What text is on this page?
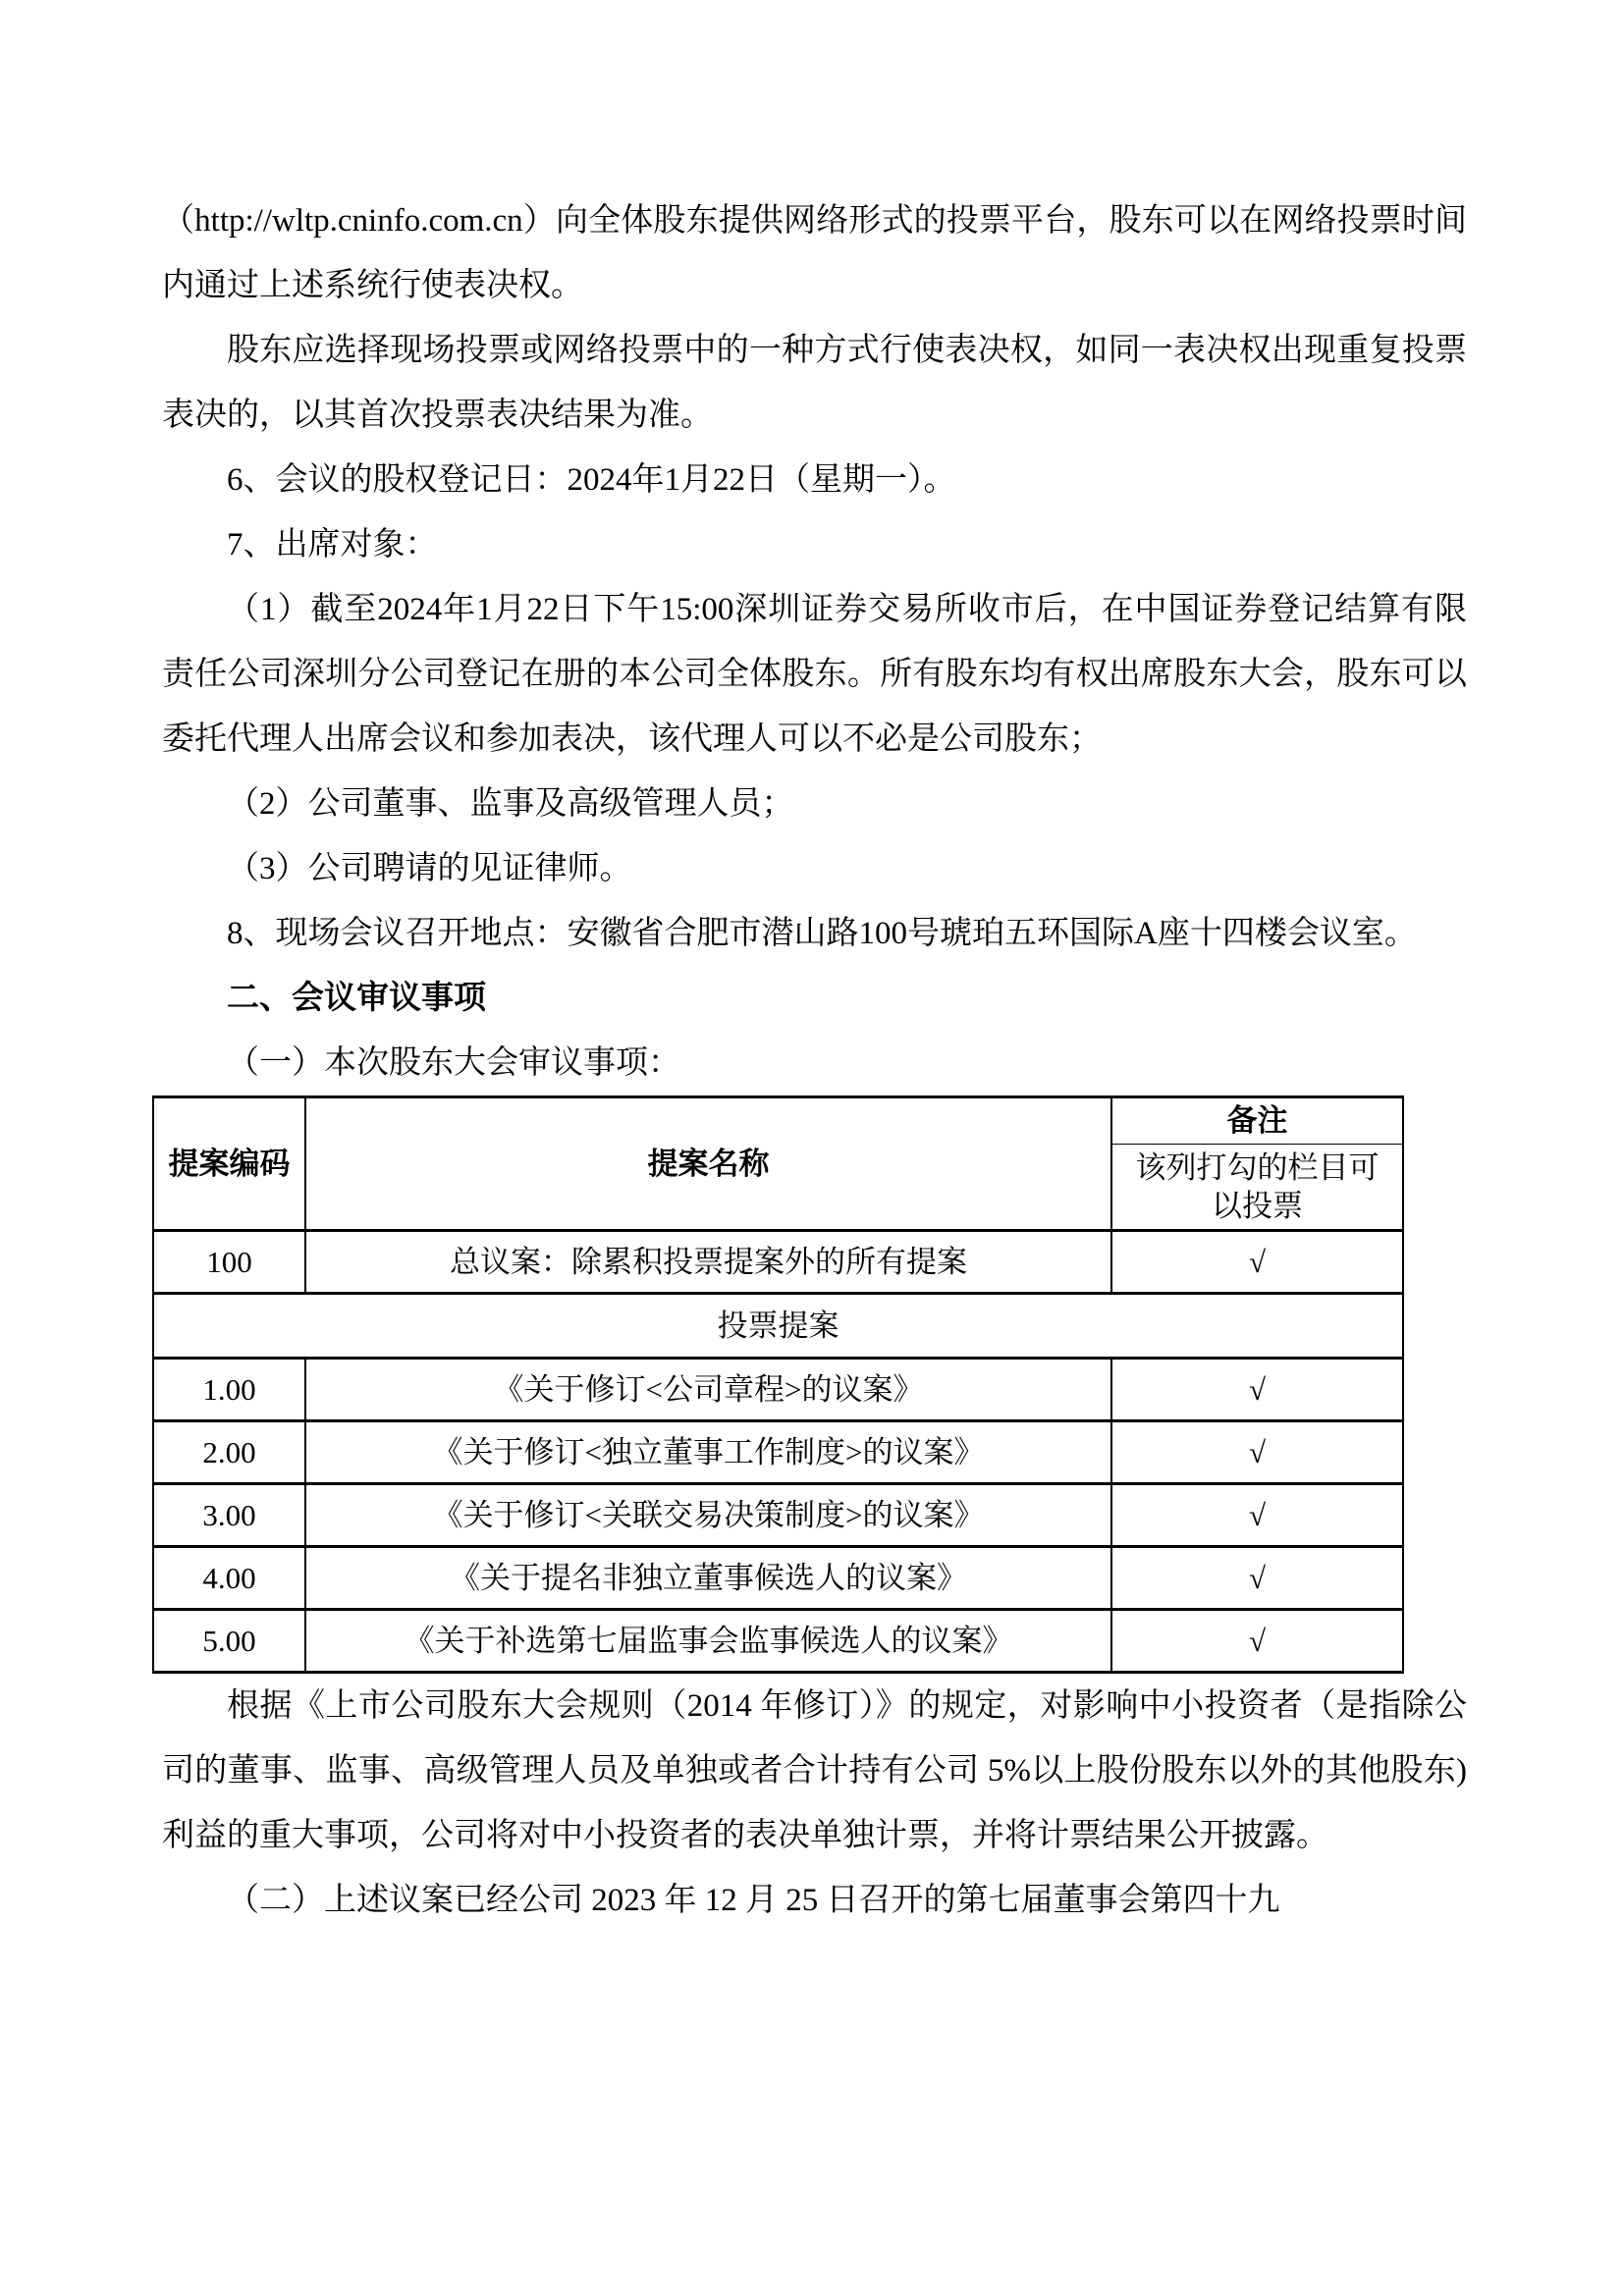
（http://wltp.cninfo.com.cn）向全体股东提供网络形式的投票平台，股东可以在网络投票时间内通过上述系统行使表决权。

股东应选择现场投票或网络投票中的一种方式行使表决权，如同一表决权出现重复投票表决的，以其首次投票表决结果为准。

6、会议的股权登记日：2024年1月22日（星期一）。

7、出席对象：

（1）截至2024年1月22日下午15:00深圳证券交易所收市后，在中国证券登记结算有限责任公司深圳分公司登记在册的本公司全体股东。所有股东均有权出席股东大会，股东可以委托代理人出席会议和参加表决，该代理人可以不必是公司股东；

（2）公司董事、监事及高级管理人员；

（3）公司聘请的见证律师。

8、现场会议召开地点：安徽省合肥市潜山路100号琥珀五环国际A座十四楼会议室。

二、会议审议事项

（一）本次股东大会审议事项：

提案编码	提案名称	备注
		该列打勾的栏目可以投票
100	总议案：除累积投票提案外的所有提案	√
投票提案		
1.00	《关于修订<公司章程>的议案》	√
2.00	《关于修订<独立董事工作制度>的议案》	√
3.00	《关于修订<关联交易决策制度>的议案》	√
4.00	《关于提名非独立董事候选人的议案》	√
5.00	《关于补选第七届监事会监事候选人的议案》	√

根据《上市公司股东大会规则（2014 年修订）》的规定，对影响中小投资者（是指除公司的董事、监事、高级管理人员及单独或者合计持有公司 5%以上股份股东以外的其他股东)利益的重大事项，公司将对中小投资者的表决单独计票，并将计票结果公开披露。

（二）上述议案已经公司 2023 年 12 月 25 日召开的第七届董事会第四十九
